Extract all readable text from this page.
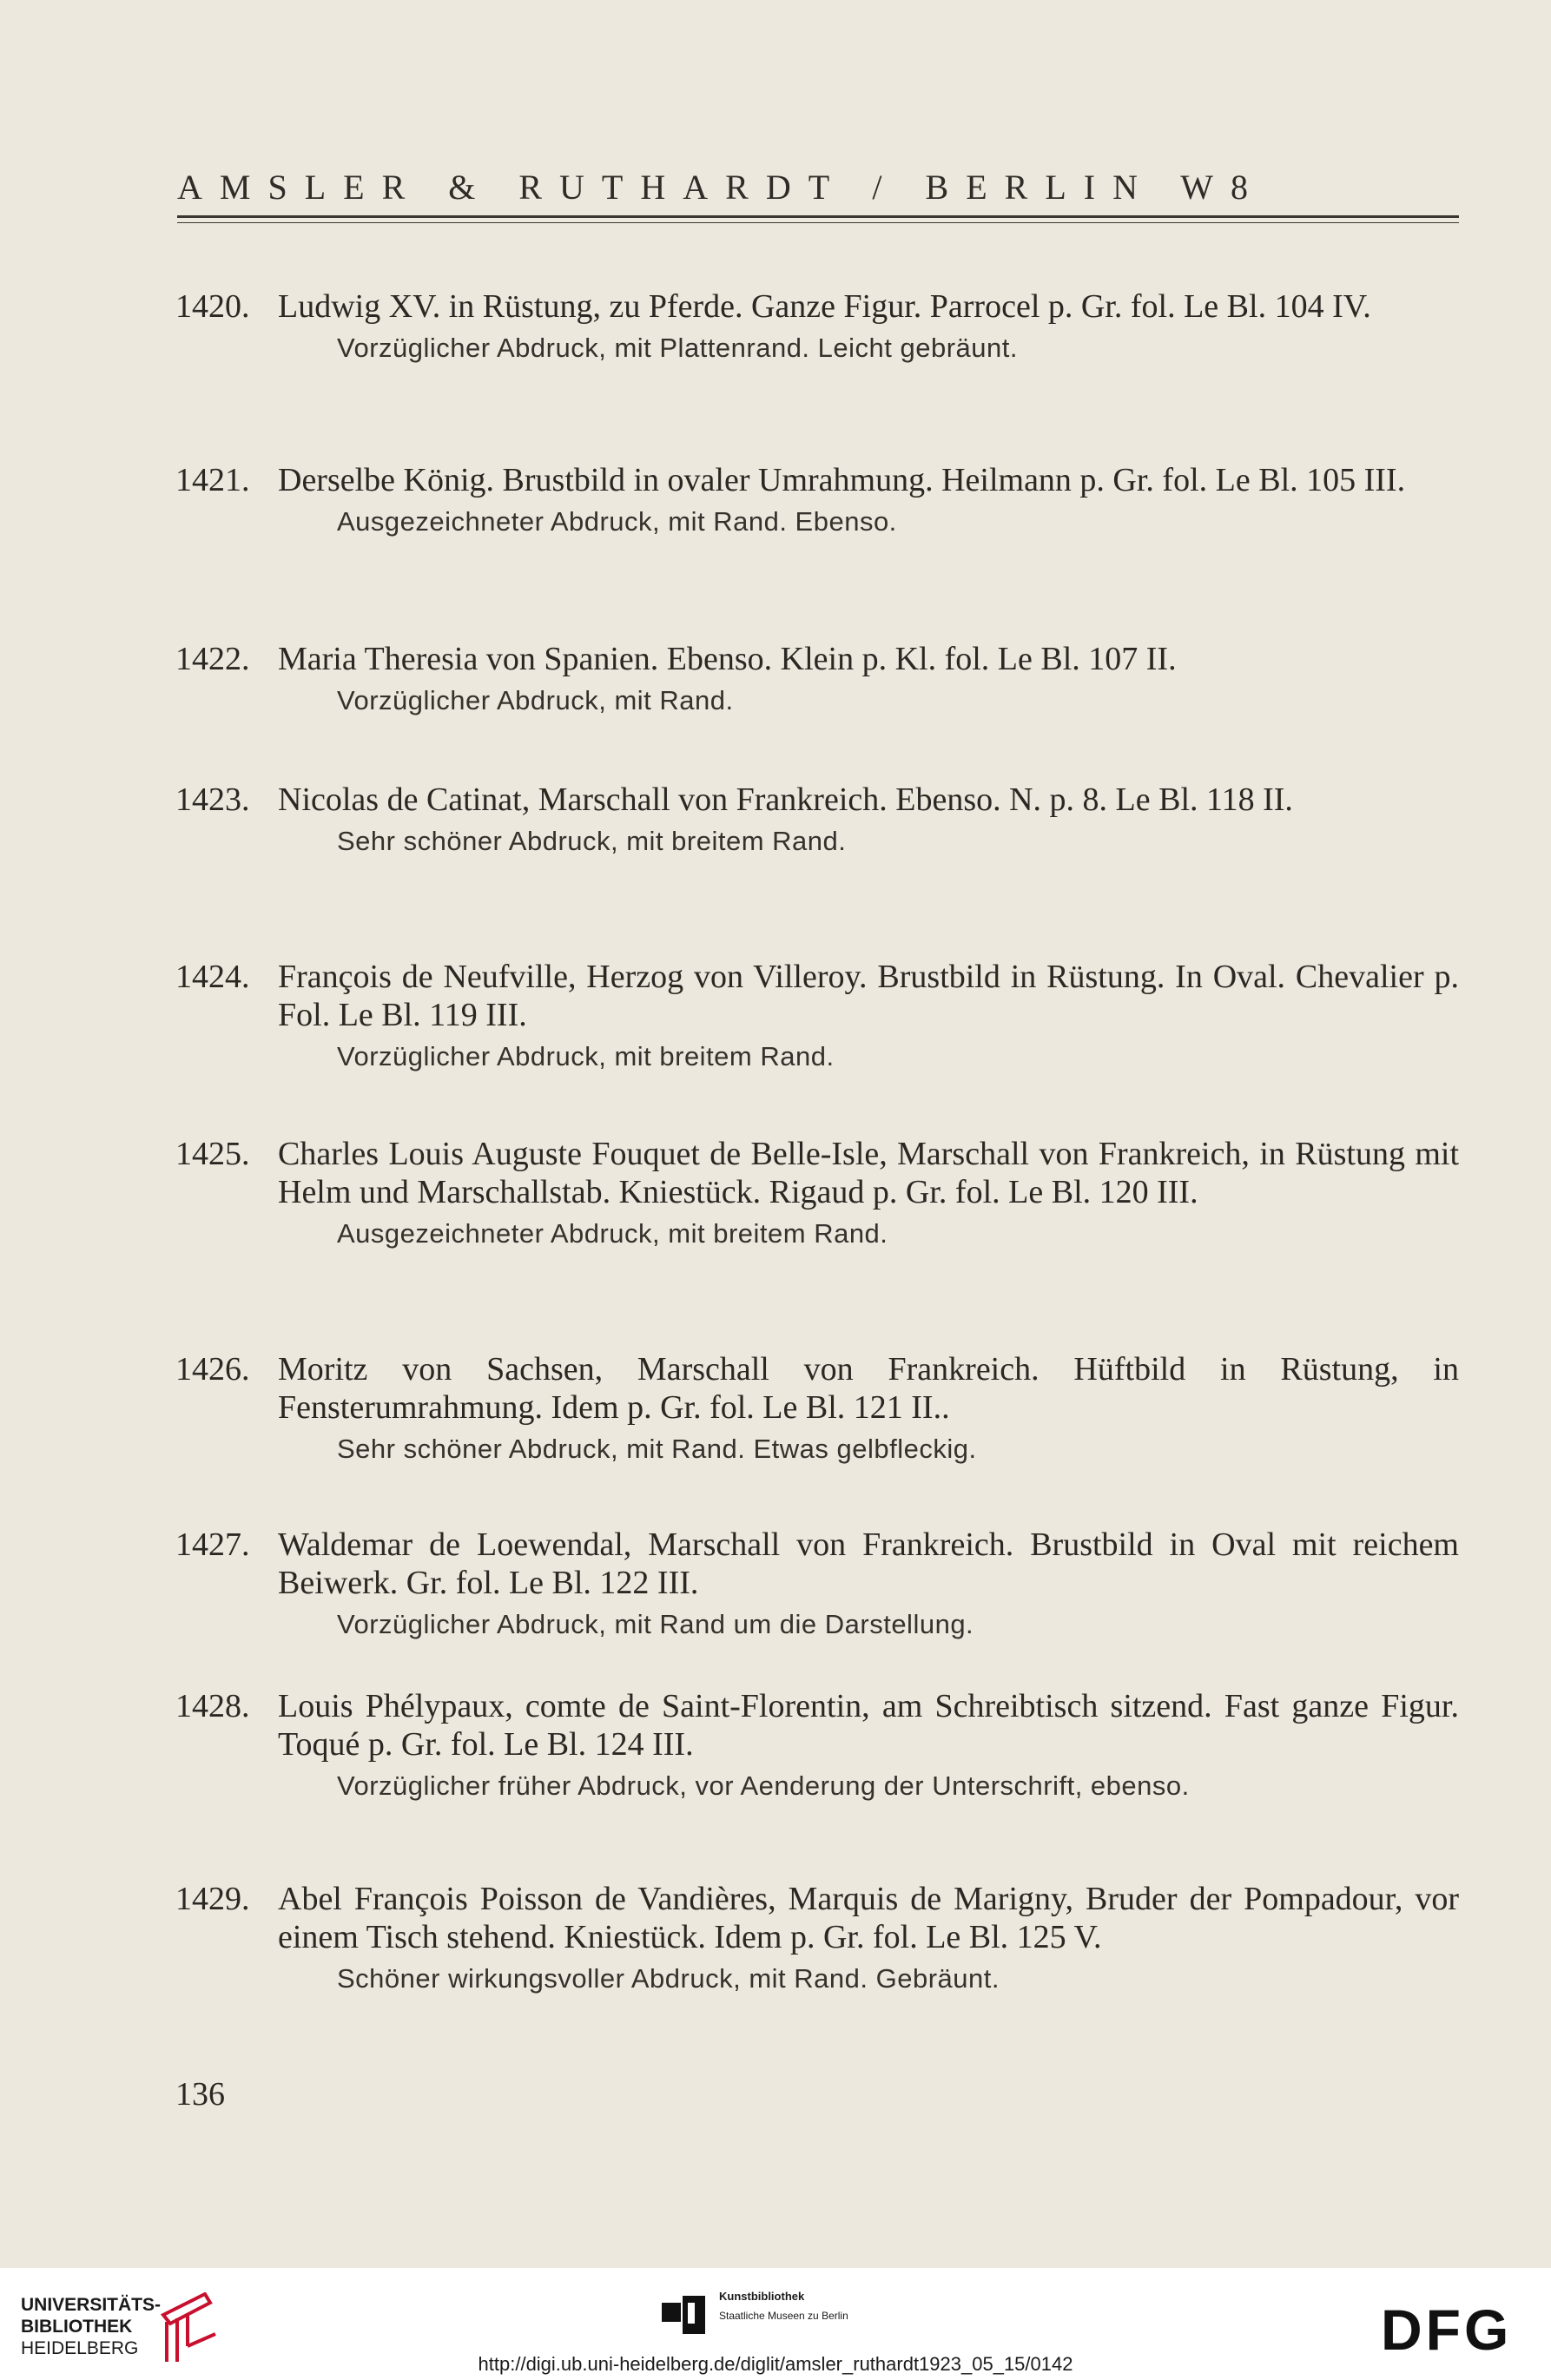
AMSLER & RUTHARDT / BERLIN W8
1420. Ludwig XV. in Rüstung, zu Pferde. Ganze Figur. Parrocel p. Gr. fol. Le Bl. 104 IV.
Vorzüglicher Abdruck, mit Plattenrand. Leicht gebräunt.
1421. Derselbe König. Brustbild in ovaler Umrahmung. Heilmann p. Gr. fol. Le Bl. 105 III.
Ausgezeichneter Abdruck, mit Rand. Ebenso.
1422. Maria Theresia von Spanien. Ebenso. Klein p. Kl. fol. Le Bl. 107 II.
Vorzüglicher Abdruck, mit Rand.
1423. Nicolas de Catinat, Marschall von Frankreich. Ebenso. N. p. 8. Le Bl. 118 II.
Sehr schöner Abdruck, mit breitem Rand.
1424. François de Neufville, Herzog von Villeroy. Brustbild in Rüstung. In Oval. Chevalier p. Fol. Le Bl. 119 III.
Vorzüglicher Abdruck, mit breitem Rand.
1425. Charles Louis Auguste Fouquet de Belle-Isle, Marschall von Frankreich, in Rüstung mit Helm und Marschallstab. Kniestück. Rigaud p. Gr. fol. Le Bl. 120 III.
Ausgezeichneter Abdruck, mit breitem Rand.
1426. Moritz von Sachsen, Marschall von Frankreich. Hüftbild in Rüstung, in Fensterumrahmung. Idem p. Gr. fol. Le Bl. 121 II..
Sehr schöner Abdruck, mit Rand. Etwas gelbfleckig.
1427. Waldemar de Loewendal, Marschall von Frankreich. Brustbild in Oval mit reichem Beiwerk. Gr. fol. Le Bl. 122 III.
Vorzüglicher Abdruck, mit Rand um die Darstellung.
1428. Louis Phélypaux, comte de Saint-Florentin, am Schreibtisch sitzend. Fast ganze Figur. Toqué p. Gr. fol. Le Bl. 124 III.
Vorzüglicher früher Abdruck, vor Aenderung der Unterschrift, ebenso.
1429. Abel François Poisson de Vandières, Marquis de Marigny, Bruder der Pompadour, vor einem Tisch stehend. Kniestück. Idem p. Gr. fol. Le Bl. 125 V.
Schöner wirkungsvoller Abdruck, mit Rand. Gebräunt.
136
UNIVERSITÄTS-
BIBLIOTHEK
HEIDELBERG
Kunstbibliothek
Staatliche Museen zu Berlin	DFG
http://digi.ub.uni-heidelberg.de/diglit/amsler_ruthardt1923_05_15/0142
